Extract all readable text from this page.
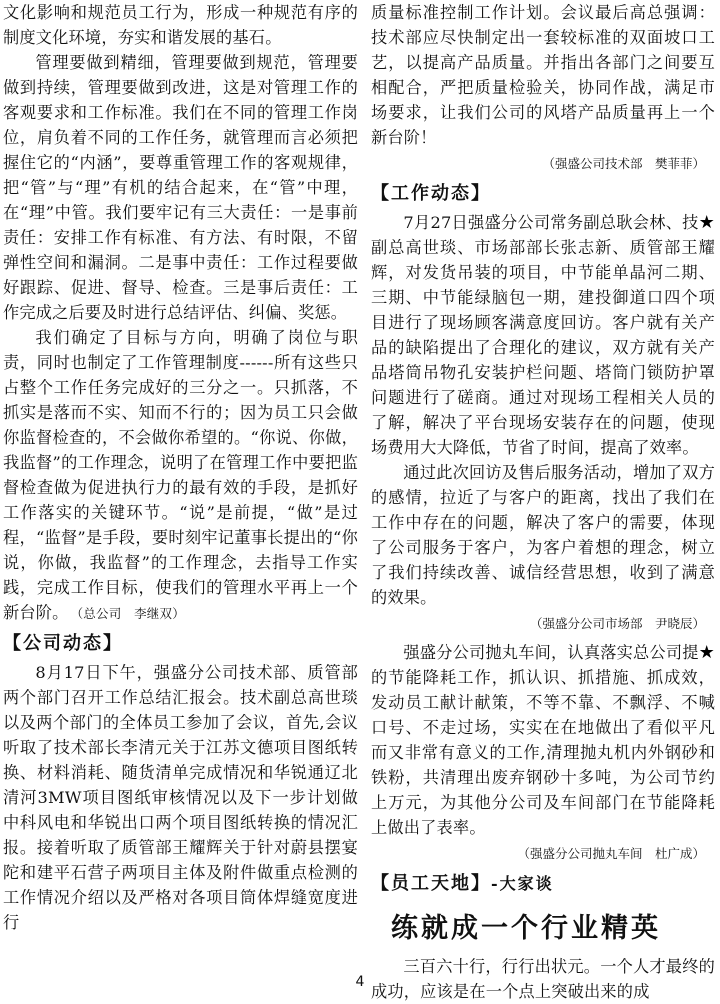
文化影响和规范员工行为，形成一种规范有序的制度文化环境，夯实和谐发展的基石。

管理要做到精细，管理要做到规范，管理要做到持续，管理要做到改进，这是对管理工作的客观要求和工作标准。我们在不同的管理工作岗位，肩负着不同的工作任务，就管理而言必须把握住它的“内涵”，要尊重管理工作的客观规律，把“管”与“理”有机的结合起来，在“管”中理，在“理”中管。我们要牢记有三大责任：一是事前责任：安排工作有标准、有方法、有时限，不留弹性空间和漏洞。二是事中责任：工作过程要做好跟踪、促进、督导、检查。三是事后责任：工作完成之后要及时进行总结评估、纠偏、奖惩。

我们确定了目标与方向，明确了岗位与职责，同时也制定了工作管理制度------所有这些只占整个工作任务完成好的三分之一。只抓落，不抓实是落而不实、知而不行的；因为员工只会做你监督检查的，不会做你希望的。“你说、你做，我监督”的工作理念，说明了在管理工作中要把监督检查做为促进执行力的最有效的手段，是抓好工作落实的关键环节。“说”是前提，“做”是过程，“监督”是手段，要时刻牢记董事长提出的“你说，你做，我监督”的工作理念，去指导工作实践，完成工作目标，使我们的管理水平再上一个新台阶。　 （总公司　李继双）

【公司动态】

8月17日下午，强盛分公司技术部、质管部两个部门召开工作总结汇报会。技术副总高世琰以及两个部门的全体员工参加了会议，首先,会议听取了技术部长李清元关于江苏文德项目图纸转换、材料消耗、随货清单完成情况和华锐通辽北清河3MW项目图纸审核情况以及下一步计划做中科风电和华锐出口两个项目图纸转换的情况汇报。接着听取了质管部王耀辉关于针对蔚县摆宴陀和建平石营子两项目主体及附件做重点检测的工作情况介绍以及严格对各项目筒体焊缝宽度进行

质量标准控制工作计划。会议最后高总强调：技术部应尽快制定出一套较标准的双面坡口工艺，以提高产品质量。并指出各部门之间要互相配合，严把质量检验关，协同作战，满足市场要求，让我们公司的风塔产品质量再上一个新台阶！

（强盛公司技术部　樊菲菲）
【工作动态】

7月27日强盛分公司常务副总耿会林、技★副总高世琰、市场部部长张志新、质管部王耀辉，对发货吊装的项目，中节能单晶河二期、三期、中节能绿脑包一期，建投御道口四个项目进行了现场顾客满意度回访。客户就有关产品的缺陷提出了合理化的建议，双方就有关产品塔筒吊物孔安装护栏问题、塔筒门锁防护罩问题进行了磋商。通过对现场工程相关人员的了解，解决了平台现场安装存在的问题，使现场费用大大降低，节省了时间，提高了效率。

通过此次回访及售后服务活动，增加了双方的感情，拉近了与客户的距离，找出了我们在工作中存在的问题，解决了客户的需要，体现了公司服务于客户，为客户着想的理念，树立了我们持续改善、诚信经营思想，收到了满意的效果。

（强盛分公司市场部　尹晓辰）

强盛分公司抛丸车间，认真落实总公司提★的节能降耗工作，抓认识、抓措施、抓成效，发动员工献计献策，不等不靠、不飘浮、不喊口号、不走过场，实实在在地做出了看似平凡而又非常有意义的工作,清理抛丸机内外钢砂和铁粉，共清理出废弃钢砂十多吨，为公司节约上万元，为其他分公司及车间部门在节能降耗上做出了表率。

（强盛分公司抛丸车间　杜广成）
【员工天地】-大家谈
练就成一个行业精英

三百六十行，行行出状元。一个人才最终的成功，应该是在一个点上突破出来的成

4
